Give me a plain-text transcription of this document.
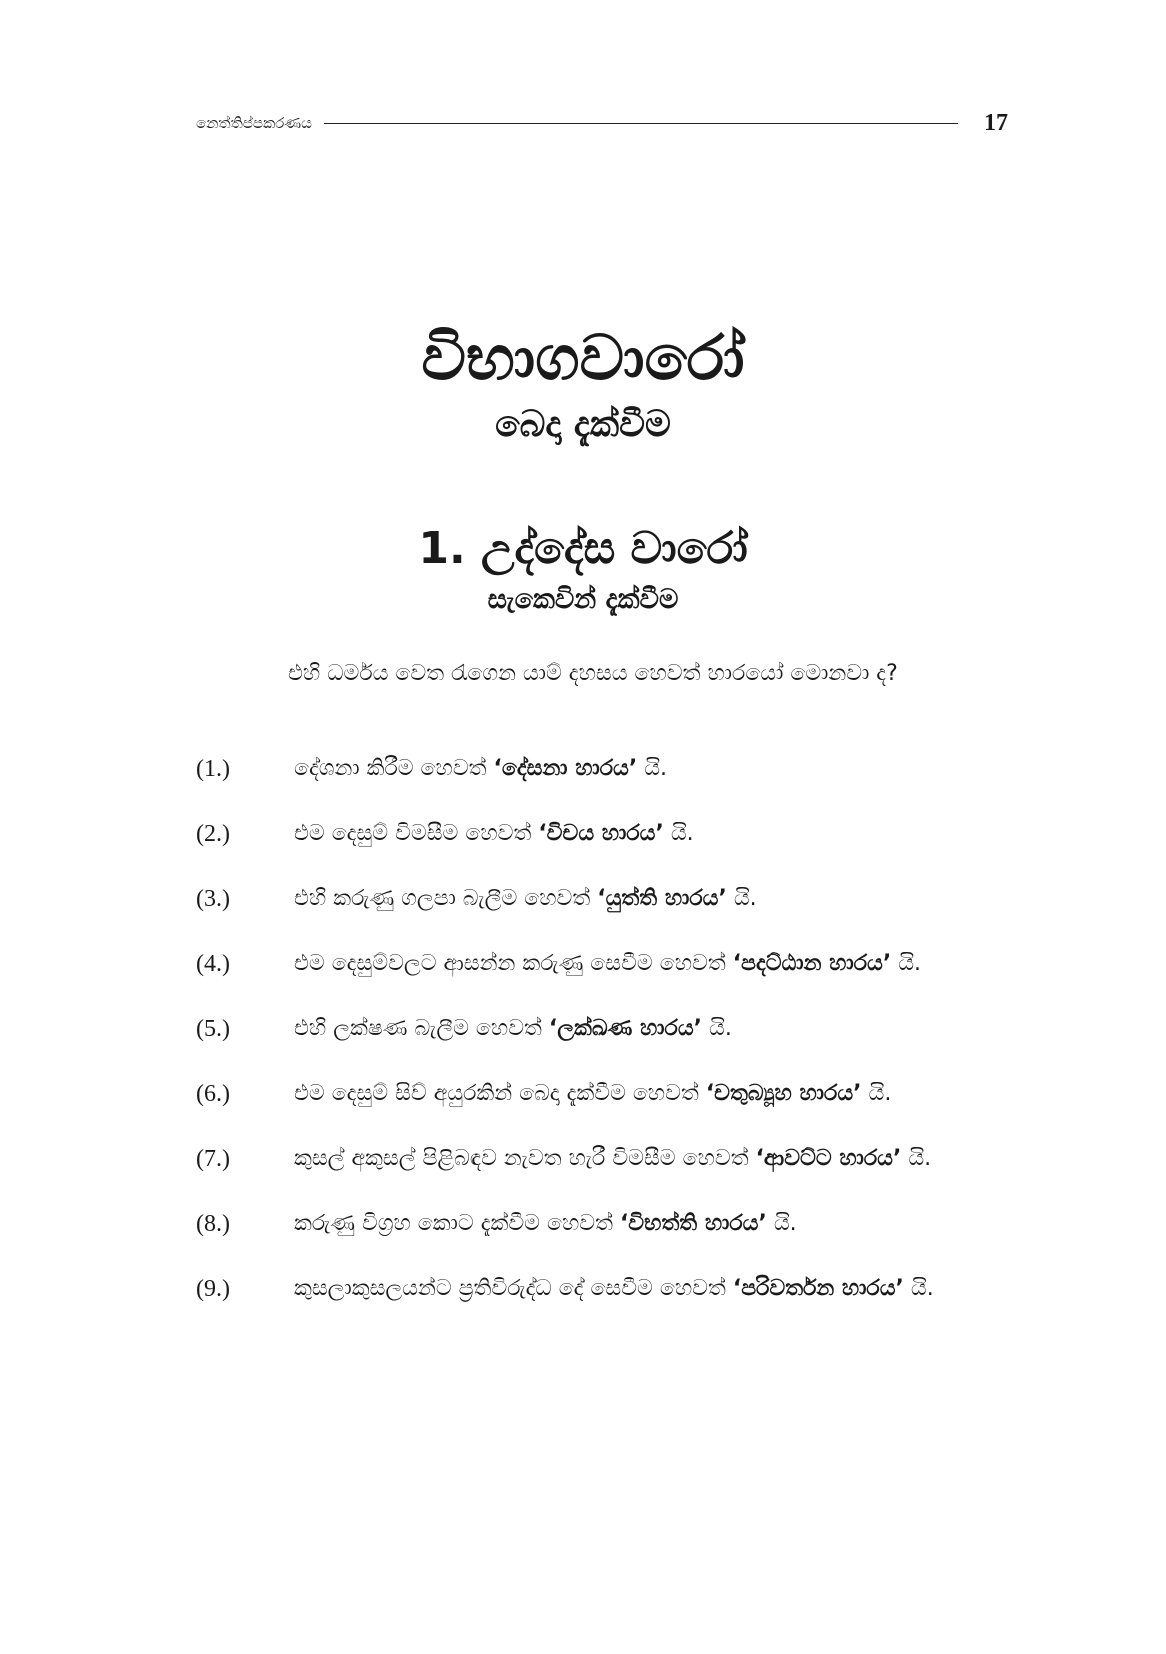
නෙත්තිප්පකරණය	17
විභාගවාරෝ
බෙදා දැක්වීම
1. උද්දේස වාරෝ
සැකෙවින් දැක්වීම

එහි ධර්මය වෙත රැගෙන යාම් දහසය හෙවත් හාරයෝ මොනවා ද?

(1.)	දේශනා කිරීම හෙවත් ‘දේසනා හාරය’ යි.
(2.)	එම දෙසුම් විමසීම හෙවත් ‘විචය හාරය’ යි.
(3.)	එහි කරුණු ගලපා බැලීම හෙවත් ‘යුත්ති හාරය’ යි.
(4.)	එම දෙසුම්වලට ආසන්න කරුණු සෙවීම හෙවත් ‘පදට්ඨාන හාරය’ යි.
(5.)	එහි ලක්ෂණ බැලීම හෙවත් ‘ලක්ඛණ හාරය’ යි.
(6.)	එම දෙසුම් සිව් අයුරකින් බෙදා දැක්වීම හෙවත් ‘චතුබ්‍යූහ හාරය’ යි.
(7.)	කුසල් අකුසල් පිළිබඳව නැවත හැරී විමසීම හෙවත් ‘ආවට්ට හාරය’ යි.
(8.)	කරුණු විග්‍රහ කොට දැක්වීම හෙවත් ‘විභත්ති හාරය’ යි.
(9.)	කුසලාකුසලයන්ට ප්‍රතිවිරුද්ධ දේ සෙවීම හෙවත් ‘පරිවර්තන හාරය’ යි.
